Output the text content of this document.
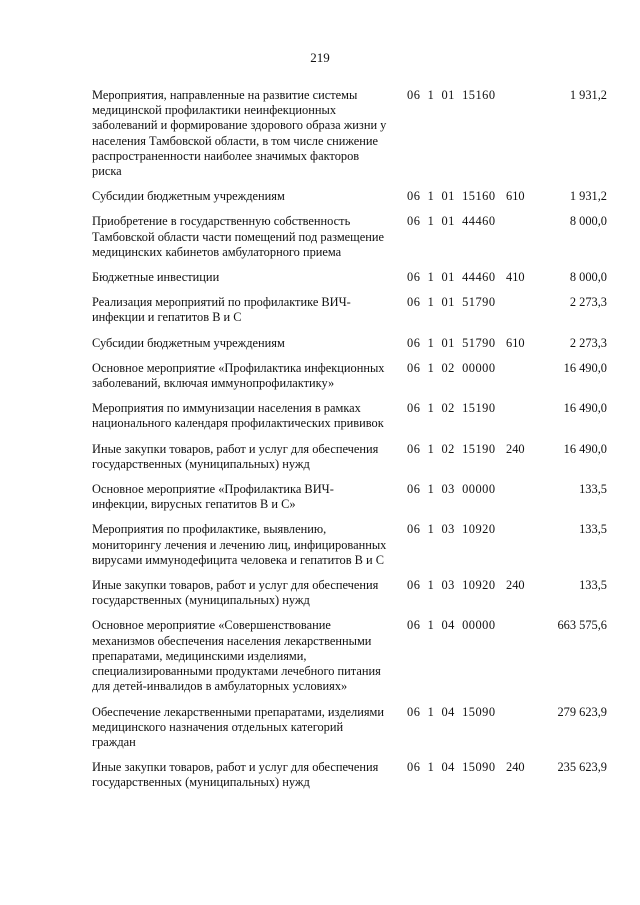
219
Мероприятия, направленные на развитие системы медицинской профилактики неинфекционных заболеваний и формирование здорового образа жизни у населения Тамбовской области, в том числе снижение распространенности наиболее значимых факторов риска
06  1  01  15160	1 931,2
Субсидии бюджетным учреждениям	06  1  01  15160 610	1 931,2
Приобретение в государственную собственность Тамбовской области части помещений под размещение медицинских кабинетов амбулаторного приема
06  1  01  44460	8 000,0
Бюджетные инвестиции	06  1  01  44460 410	8 000,0
Реализация мероприятий по профилактике ВИЧ-инфекции и гепатитов В и С
06  1  01  51790	2 273,3
Субсидии бюджетным учреждениям	06  1  01  51790 610	2 273,3
Основное мероприятие «Профилактика инфекционных заболеваний, включая иммунопрофилактику»
06  1  02  00000	16 490,0
Мероприятия по иммунизации населения в рамках национального календаря профилактических прививок
06  1  02  15190	16 490,0
Иные закупки товаров, работ и услуг для обеспечения государственных (муниципальных) нужд
06  1  02  15190 240	16 490,0
Основное мероприятие «Профилактика ВИЧ-инфекции, вирусных гепатитов В и С»
06  1  03  00000	133,5
Мероприятия по профилактике, выявлению, мониторингу лечения и лечению лиц, инфицированных вирусами иммунодефицита человека и гепатитов В и С
06  1  03  10920	133,5
Иные закупки товаров, работ и услуг для обеспечения государственных (муниципальных) нужд
06  1  03  10920 240	133,5
Основное мероприятие «Совершенствование механизмов обеспечения населения лекарственными препаратами, медицинскими изделиями, специализированными продуктами лечебного питания для детей-инвалидов в амбулаторных условиях»
06  1  04  00000	663 575,6
Обеспечение лекарственными препаратами, изделиями медицинского назначения отдельных категорий граждан
06  1  04  15090	279 623,9
Иные закупки товаров, работ и услуг для обеспечения государственных (муниципальных) нужд
06  1  04  15090 240	235 623,9
